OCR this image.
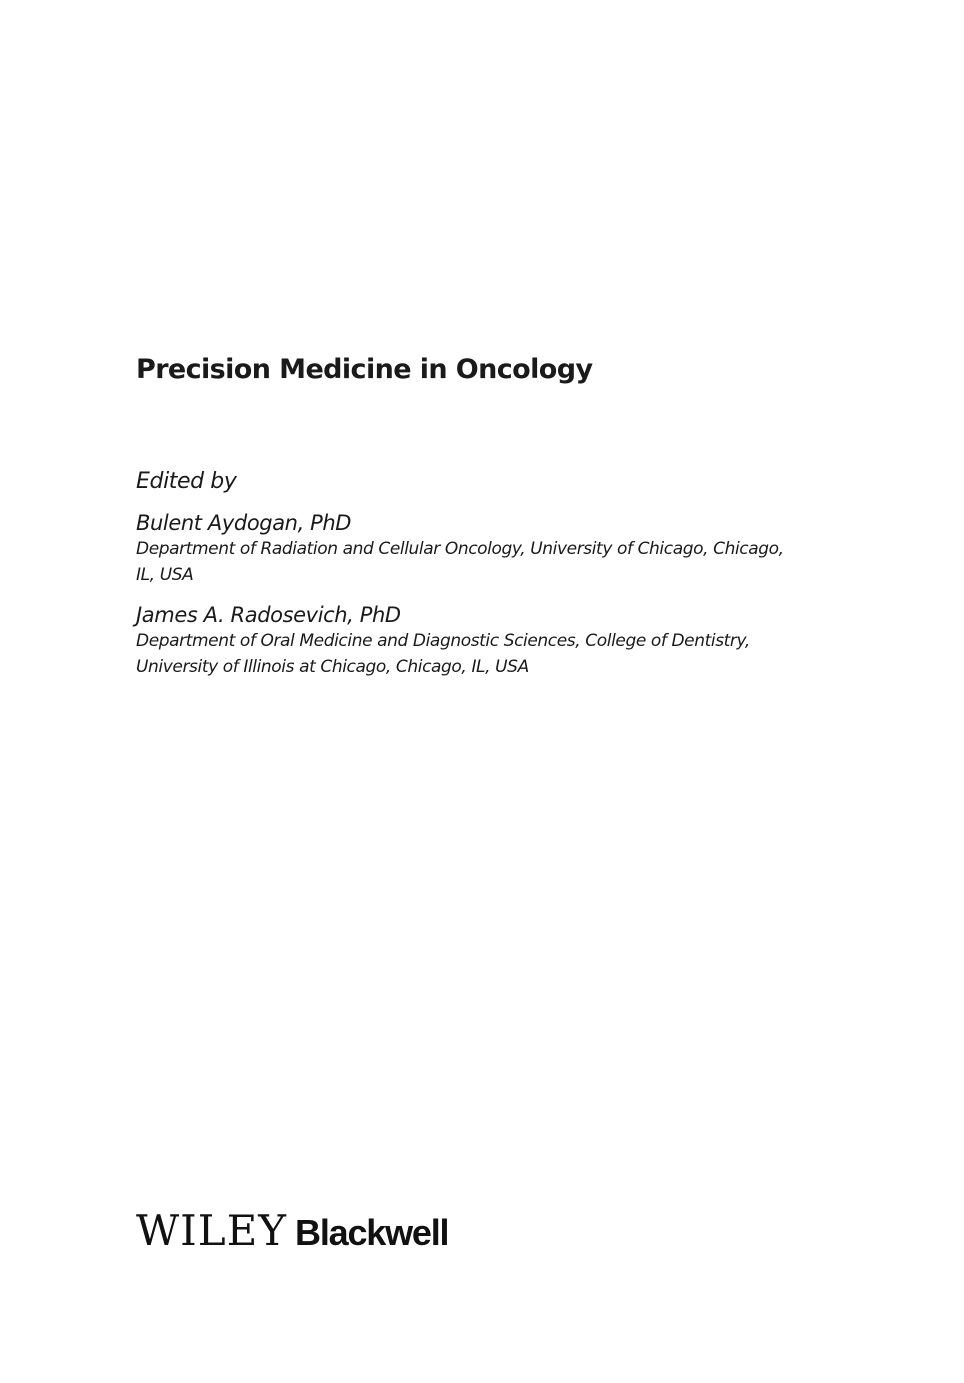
Precision Medicine in Oncology

Edited by

Bulent Aydogan, PhD
Department of Radiation and Cellular Oncology, University of Chicago, Chicago,
IL, USA
James A. Radosevich, PhD
Department of Oral Medicine and Diagnostic Sciences, College of Dentistry,
University of Illinois at Chicago, Chicago, IL, USA
WILEY Blackwell
